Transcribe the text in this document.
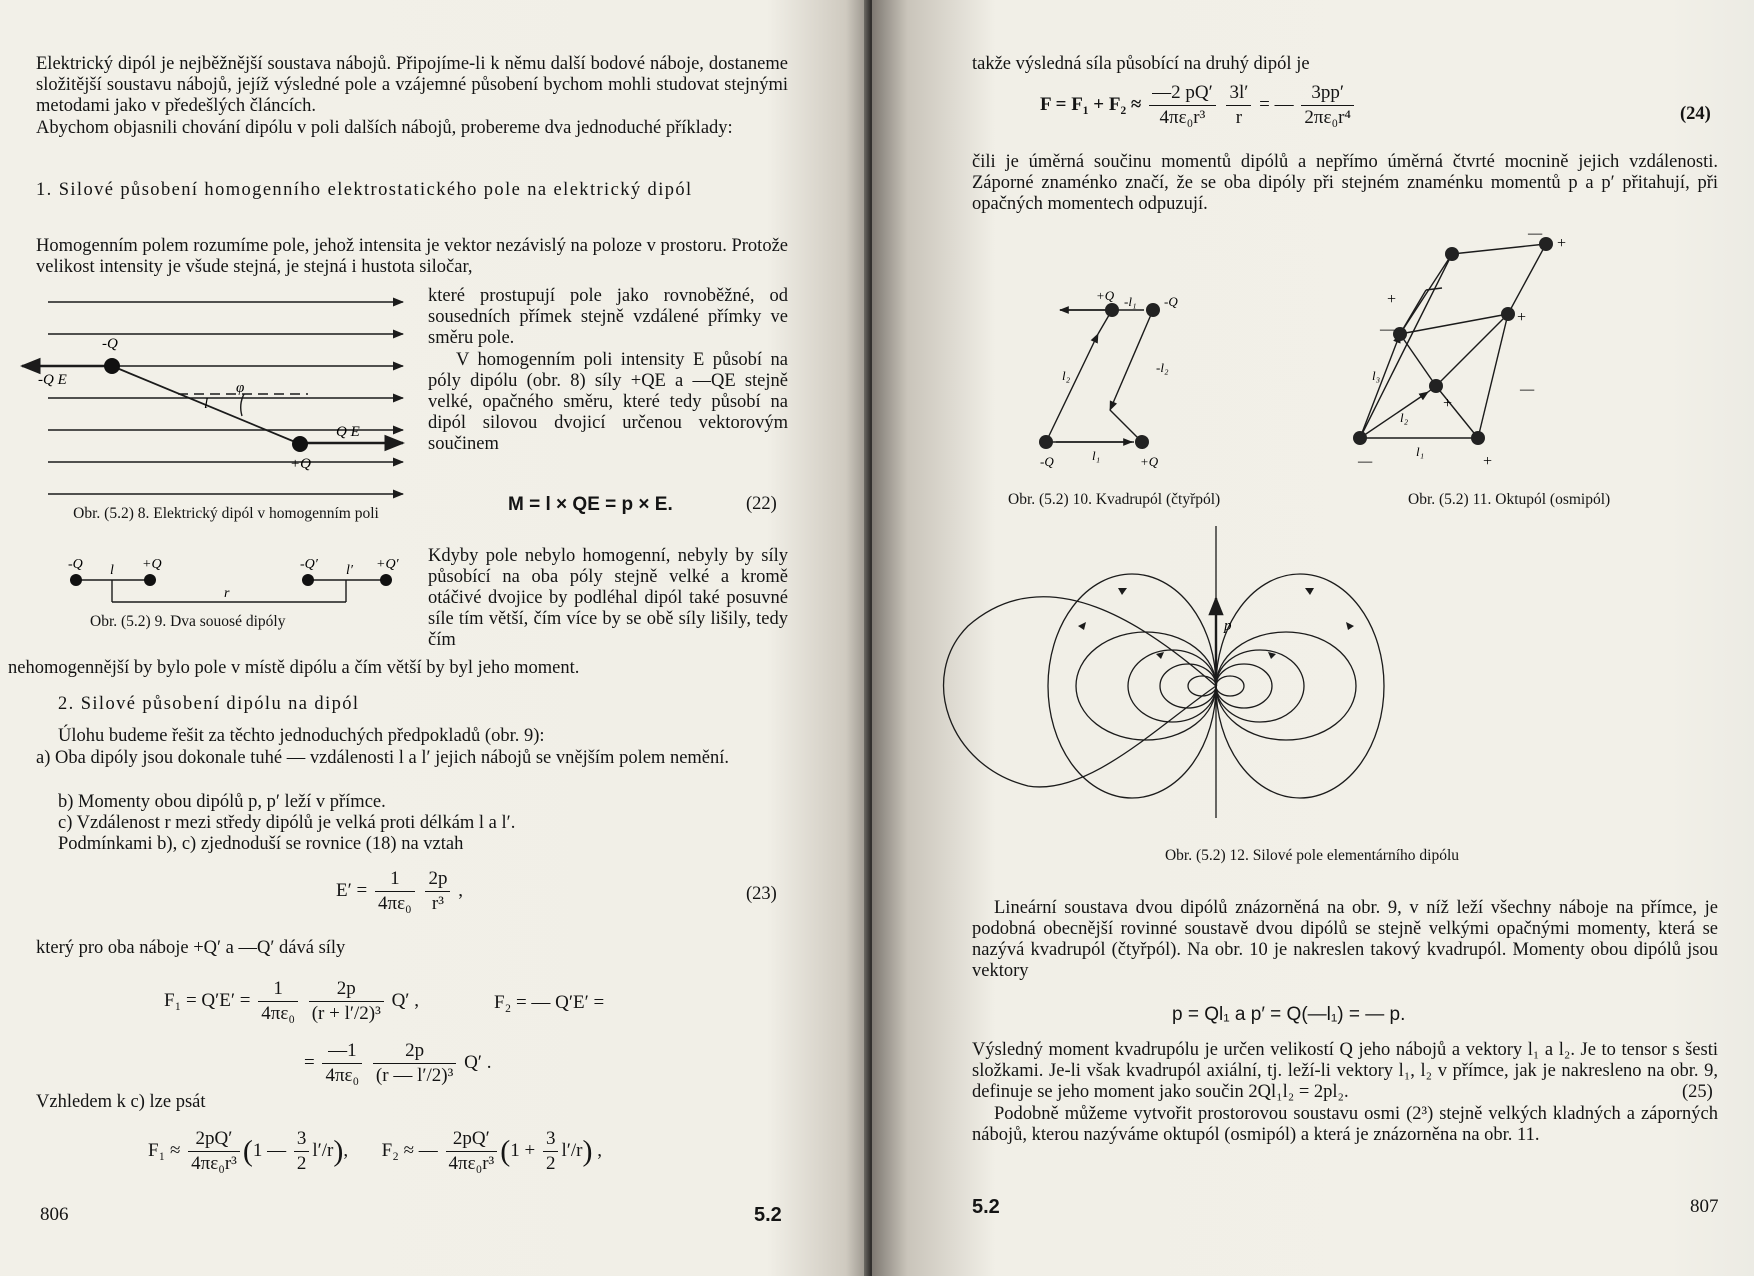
Elektrický dipól je nejběžnější soustava nábojů. Připojíme-li k němu další bodové náboje, dostaneme složitější soustavu nábojů, jejíž výsledné pole a vzájemné působení bychom mohli studovat stejnými metodami jako v předešlých článcích.

Abychom objasnili chování dipólu v poli dalších nábojů, probereme dva jednoduché příklady:

1. Silové působení homogenního elektrostatického pole na elektrický dipól

Homogenním polem rozumíme pole, jehož intensita je vektor nezávislý na poloze v prostoru. Protože velikost intensity je všude stejná, je stejná i hustota siločar,

-Q
-Q E
l
φ
Q E
+Q

které prostupují pole jako rovnoběžné, od sousedních přímek stejně vzdálené přímky ve směru pole.

V homogenním poli intensity E působí na póly dipólu (obr. 8) síly +QE a —QE stejně velké, opačného směru, které tedy působí na dipól silovou dvojicí určenou vektorovým součinem

Obr. (5.2) 8. Elektrický dipól v homogenním poli	M = l × QE = p × E.	(22)
-Q l +Q	-Q′ l′ +Q′
r
Obr. (5.2) 9. Dva souosé dipóly

Kdyby pole nebylo homogenní, nebyly by síly působící na oba póly stejně velké a kromě otáčivé dvojice by podléhal dipól také posuvné síle tím větší, čím více by se obě síly lišily, tedy čím

nehomogennější by bylo pole v místě dipólu a čím větší by byl jeho moment.

2. Silové působení dipólu na dipól

Úlohu budeme řešit za těchto jednoduchých předpokladů (obr. 9):

a) Oba dipóly jsou dokonale tuhé — vzdálenosti l a l′ jejich nábojů se vnějším polem nemění.

b) Momenty obou dipólů p, p′ leží v přímce.

c) Vzdálenost r mezi středy dipólů je velká proti délkám l a l′.

Podmínkami b), c) zjednoduší se rovnice (18) na vztah

$E' = \frac{1}{\text{4πε₀}}$
$\frac{2p}{\text{r³}}$ ,	(23)

který pro oba náboje +Q′ a —Q′ dává síly

$F_1 = Q'E' = \frac{1}{\text{4πε₀}}$
$\frac{2p}{\text{(r + l′/2)³}} Q'$ ,	F₂ = — Q′E′ =
= $\frac{—1}{\text{4πε₀}}$
$\frac{2p}{\text{(r — l′/2)³}} Q'$ .

Vzhledem k c) lze psát

$F_1 \approx \frac{2pQ'}{\text{4πε₀r³}} (1$ — $\frac{3}{2} l'/r$),  F₂ ≈ — $\frac{2pQ'}{\text{4πε₀r³}} (1 + \frac{3}{2} l'/r)$ ,
806	5.2

takže výsledná síla působící na druhý dipól je

$F = F_1 + F_2 \approx \frac{—2 pQ'}{\text{4πε₀r³}}$
$\frac{3l'}{r}$ = — $\frac{3pp'}{\text{2πε₀r⁴}}$	(24)

čili je úměrná součinu momentů dipólů a nepřímo úměrná čtvrté mocnině jejich vzdálenosti. Záporné znaménko značí, že se oba dipóly při stejném znaménku momentů p a p′ přitahují, při opačných momentech odpuzují.

+Q -l₁ -Q
l₂
-l₂
-Q	l₁	+Q
+
—
+
—
+
—
+
—	+
l₁
l₂
l₃
Obr. (5.2) 10. Kvadrupól (čtyřpól)	Obr. (5.2) 11. Oktupól (osmipól)
p
Obr. (5.2) 12. Silové pole elementárního dipólu

Lineární soustava dvou dipólů znázorněná na obr. 9, v níž leží všechny náboje na přímce, je podobná obecnější rovinné soustavě dvou dipólů se stejně velkými opačnými momenty, která se nazývá kvadrupól (čtyřpól). Na obr. 10 je nakreslen takový kvadrupól. Momenty obou dipólů jsou vektory

p = Ql₁ a p′ = Q(—l₁) = — p.

Výsledný moment kvadrupólu je určen velikostí Q jeho nábojů a vektory l₁ a l₂. Je to tensor s šesti složkami. Je-li však kvadrupól axiální, tj. leží-li vektory l₁, l₂ v přímce, jak je nakresleno na obr. 9, definuje se jeho moment jako součin 2Ql₁l₂ = 2pl₂.	(25)

Podobně můžeme vytvořit prostorovou soustavu osmi (2³) stejně velkých kladných a záporných nábojů, kterou nazýváme oktupól (osmipól) a která je znázorněna na obr. 11.

5.2	807
